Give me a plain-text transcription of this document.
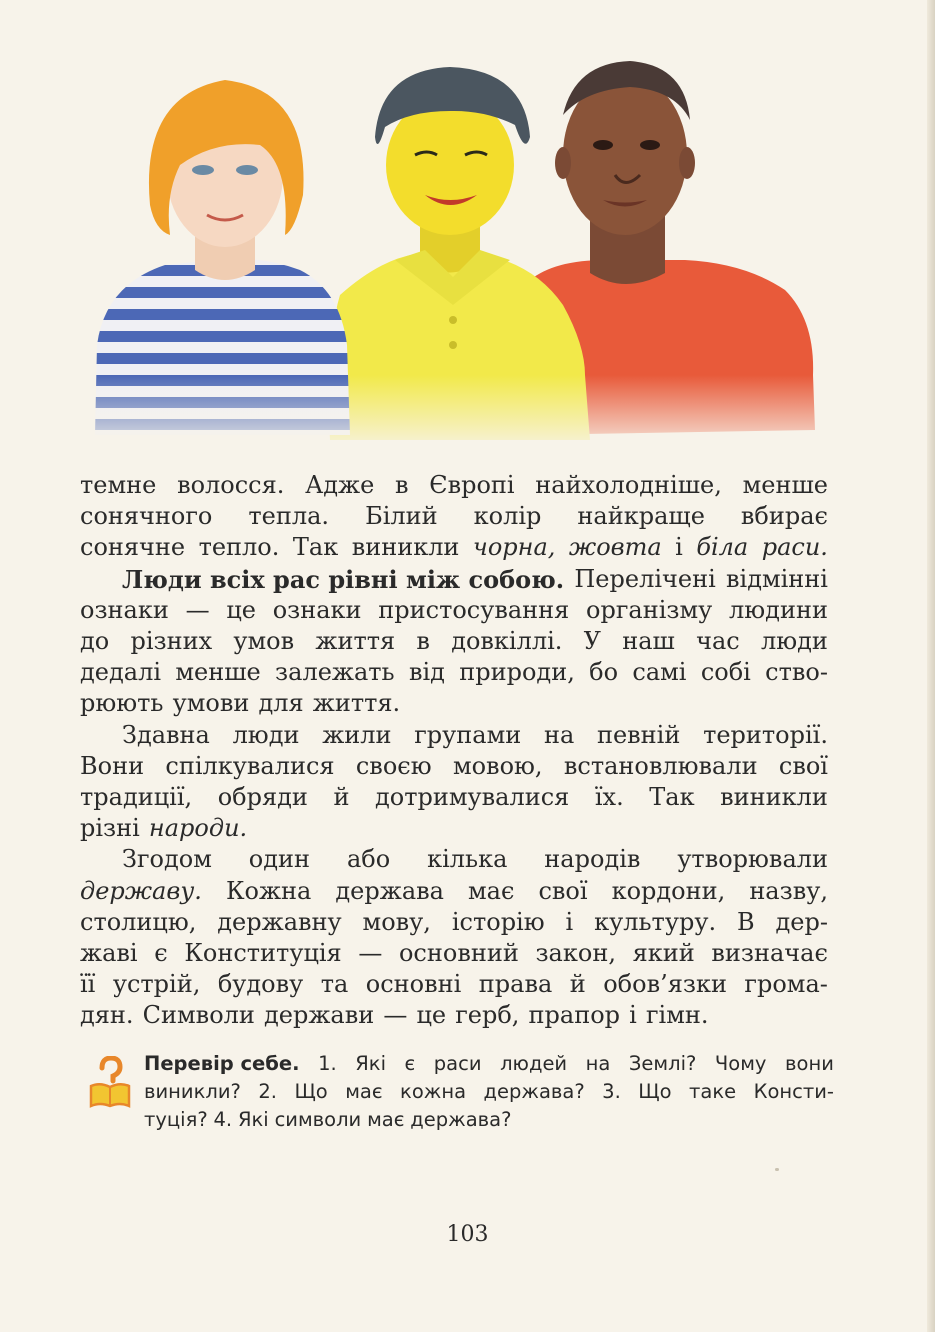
темне волосся. Адже в Європі найхолодніше, менше
сонячного тепла. Білий колір найкраще вбирає
сонячне тепло. Так виникли чорна, жовта і біла раси.
Люди всіх рас рівні між собою. Перелічені відмінні
ознаки — це ознаки пристосування організму людини
до різних умов життя в довкіллі. У наш час люди
дедалі менше залежать від природи, бо самі собі ство-
рюють умови для життя.
Здавна люди жили групами на певній території.
Вони спілкувалися своєю мовою, встановлювали свої
традиції, обряди й дотримувалися їх. Так виникли
різні народи.
Згодом один або кілька народів утворювали
державу. Кожна держава має свої кордони, назву,
столицю, державну мову, історію і культуру. В дер-
жаві є Конституція — основний закон, який визначає
її устрій, будову та основні права й обов’язки грома-
дян. Символи держави — це герб, прапор і гімн.
Перевір себе. 1. Які є раси людей на Землі? Чому вони
виникли? 2. Що має кожна держава? 3. Що таке Консти-
туція? 4. Які символи має держава?
103
